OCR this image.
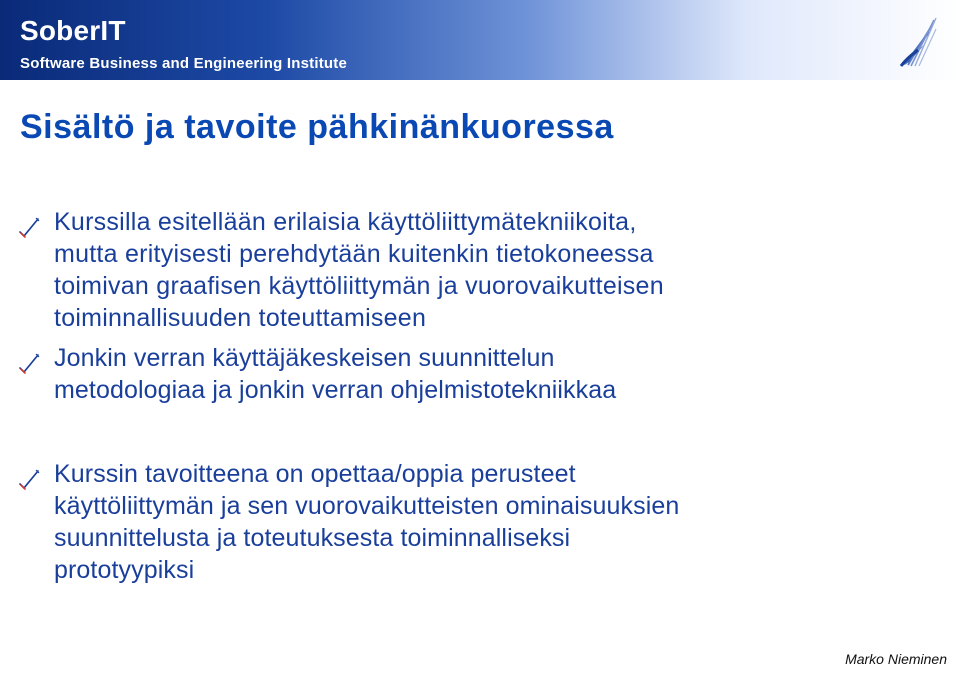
SoberIT
Software Business and Engineering Institute
Sisältö ja tavoite pähkinänkuoressa
Kurssilla esitellään erilaisia käyttöliittymätekniikoita,
mutta erityisesti perehdytään kuitenkin tietokoneessa
toimivan graafisen käyttöliittymän ja vuorovaikutteisen
toiminnallisuuden toteuttamiseen
Jonkin verran käyttäjäkeskeisen suunnittelun
metodologiaa ja jonkin verran ohjelmistotekniikkaa
Kurssin tavoitteena on opettaa/oppia perusteet
käyttöliittymän ja sen vuorovaikutteisten ominaisuuksien
suunnittelusta ja toteutuksesta toiminnalliseksi
prototyypiksi
Marko Nieminen
